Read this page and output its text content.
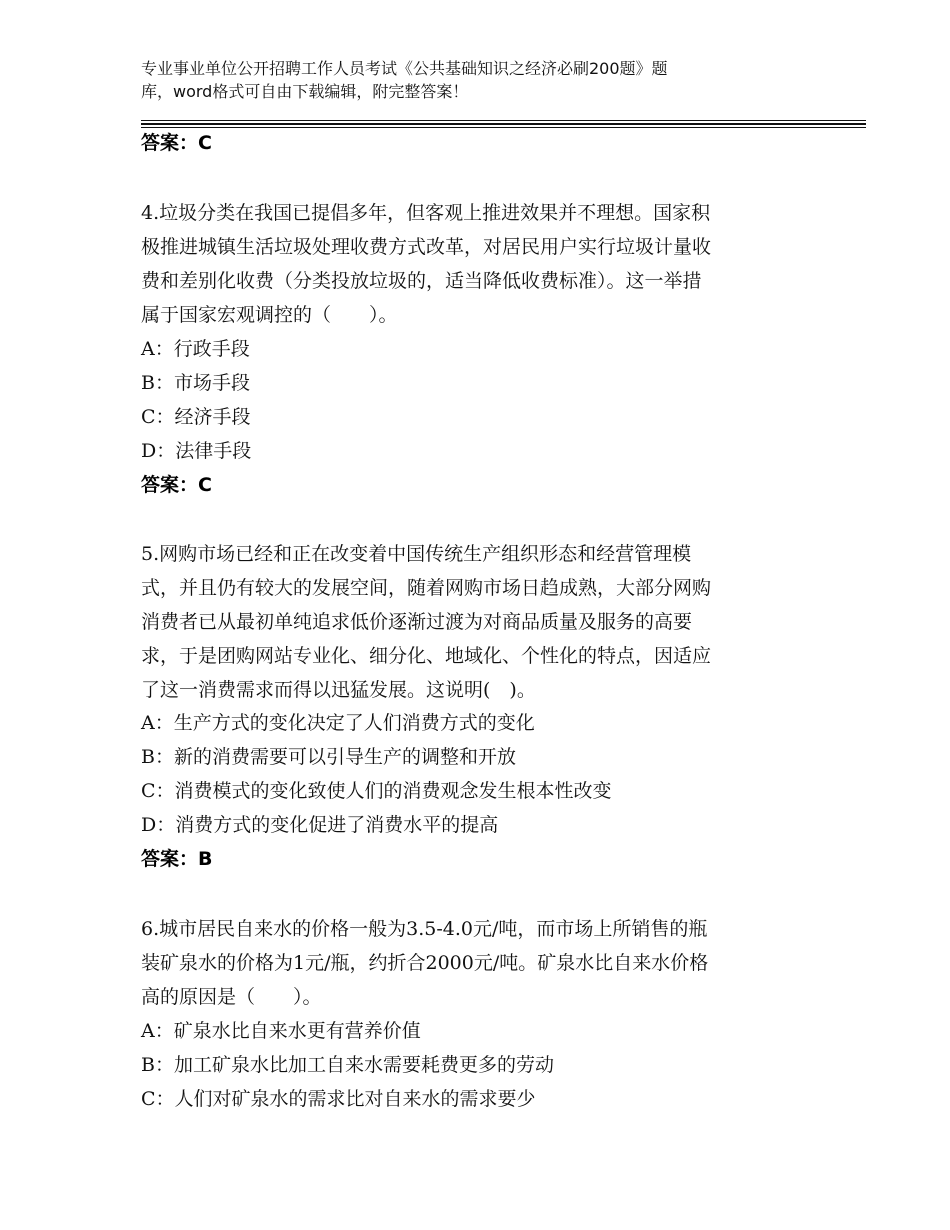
专业事业单位公开招聘工作人员考试《公共基础知识之经济必刷200题》题
库，word格式可自由下载编辑，附完整答案！
答案：C
4.垃圾分类在我国已提倡多年，但客观上推进效果并不理想。国家积
极推进城镇生活垃圾处理收费方式改革，对居民用户实行垃圾计量收
费和差别化收费（分类投放垃圾的，适当降低收费标准）。这一举措
属于国家宏观调控的（　　）。
A：行政手段
B：市场手段
C：经济手段
D：法律手段
答案：C
5.网购市场已经和正在改变着中国传统生产组织形态和经营管理模
式，并且仍有较大的发展空间，随着网购市场日趋成熟，大部分网购
消费者已从最初单纯追求低价逐渐过渡为对商品质量及服务的高要
求，于是团购网站专业化、细分化、地域化、个性化的特点，因适应
了这一消费需求而得以迅猛发展。这说明(　)。
A：生产方式的变化决定了人们消费方式的变化
B：新的消费需要可以引导生产的调整和开放
C：消费模式的变化致使人们的消费观念发生根本性改变
D：消费方式的变化促进了消费水平的提高
答案：B
6.城市居民自来水的价格一般为3.5-4.0元/吨，而市场上所销售的瓶
装矿泉水的价格为1元/瓶，约折合2000元/吨。矿泉水比自来水价格
高的原因是（　　）。
A：矿泉水比自来水更有营养价值
B：加工矿泉水比加工自来水需要耗费更多的劳动
C：人们对矿泉水的需求比对自来水的需求要少
